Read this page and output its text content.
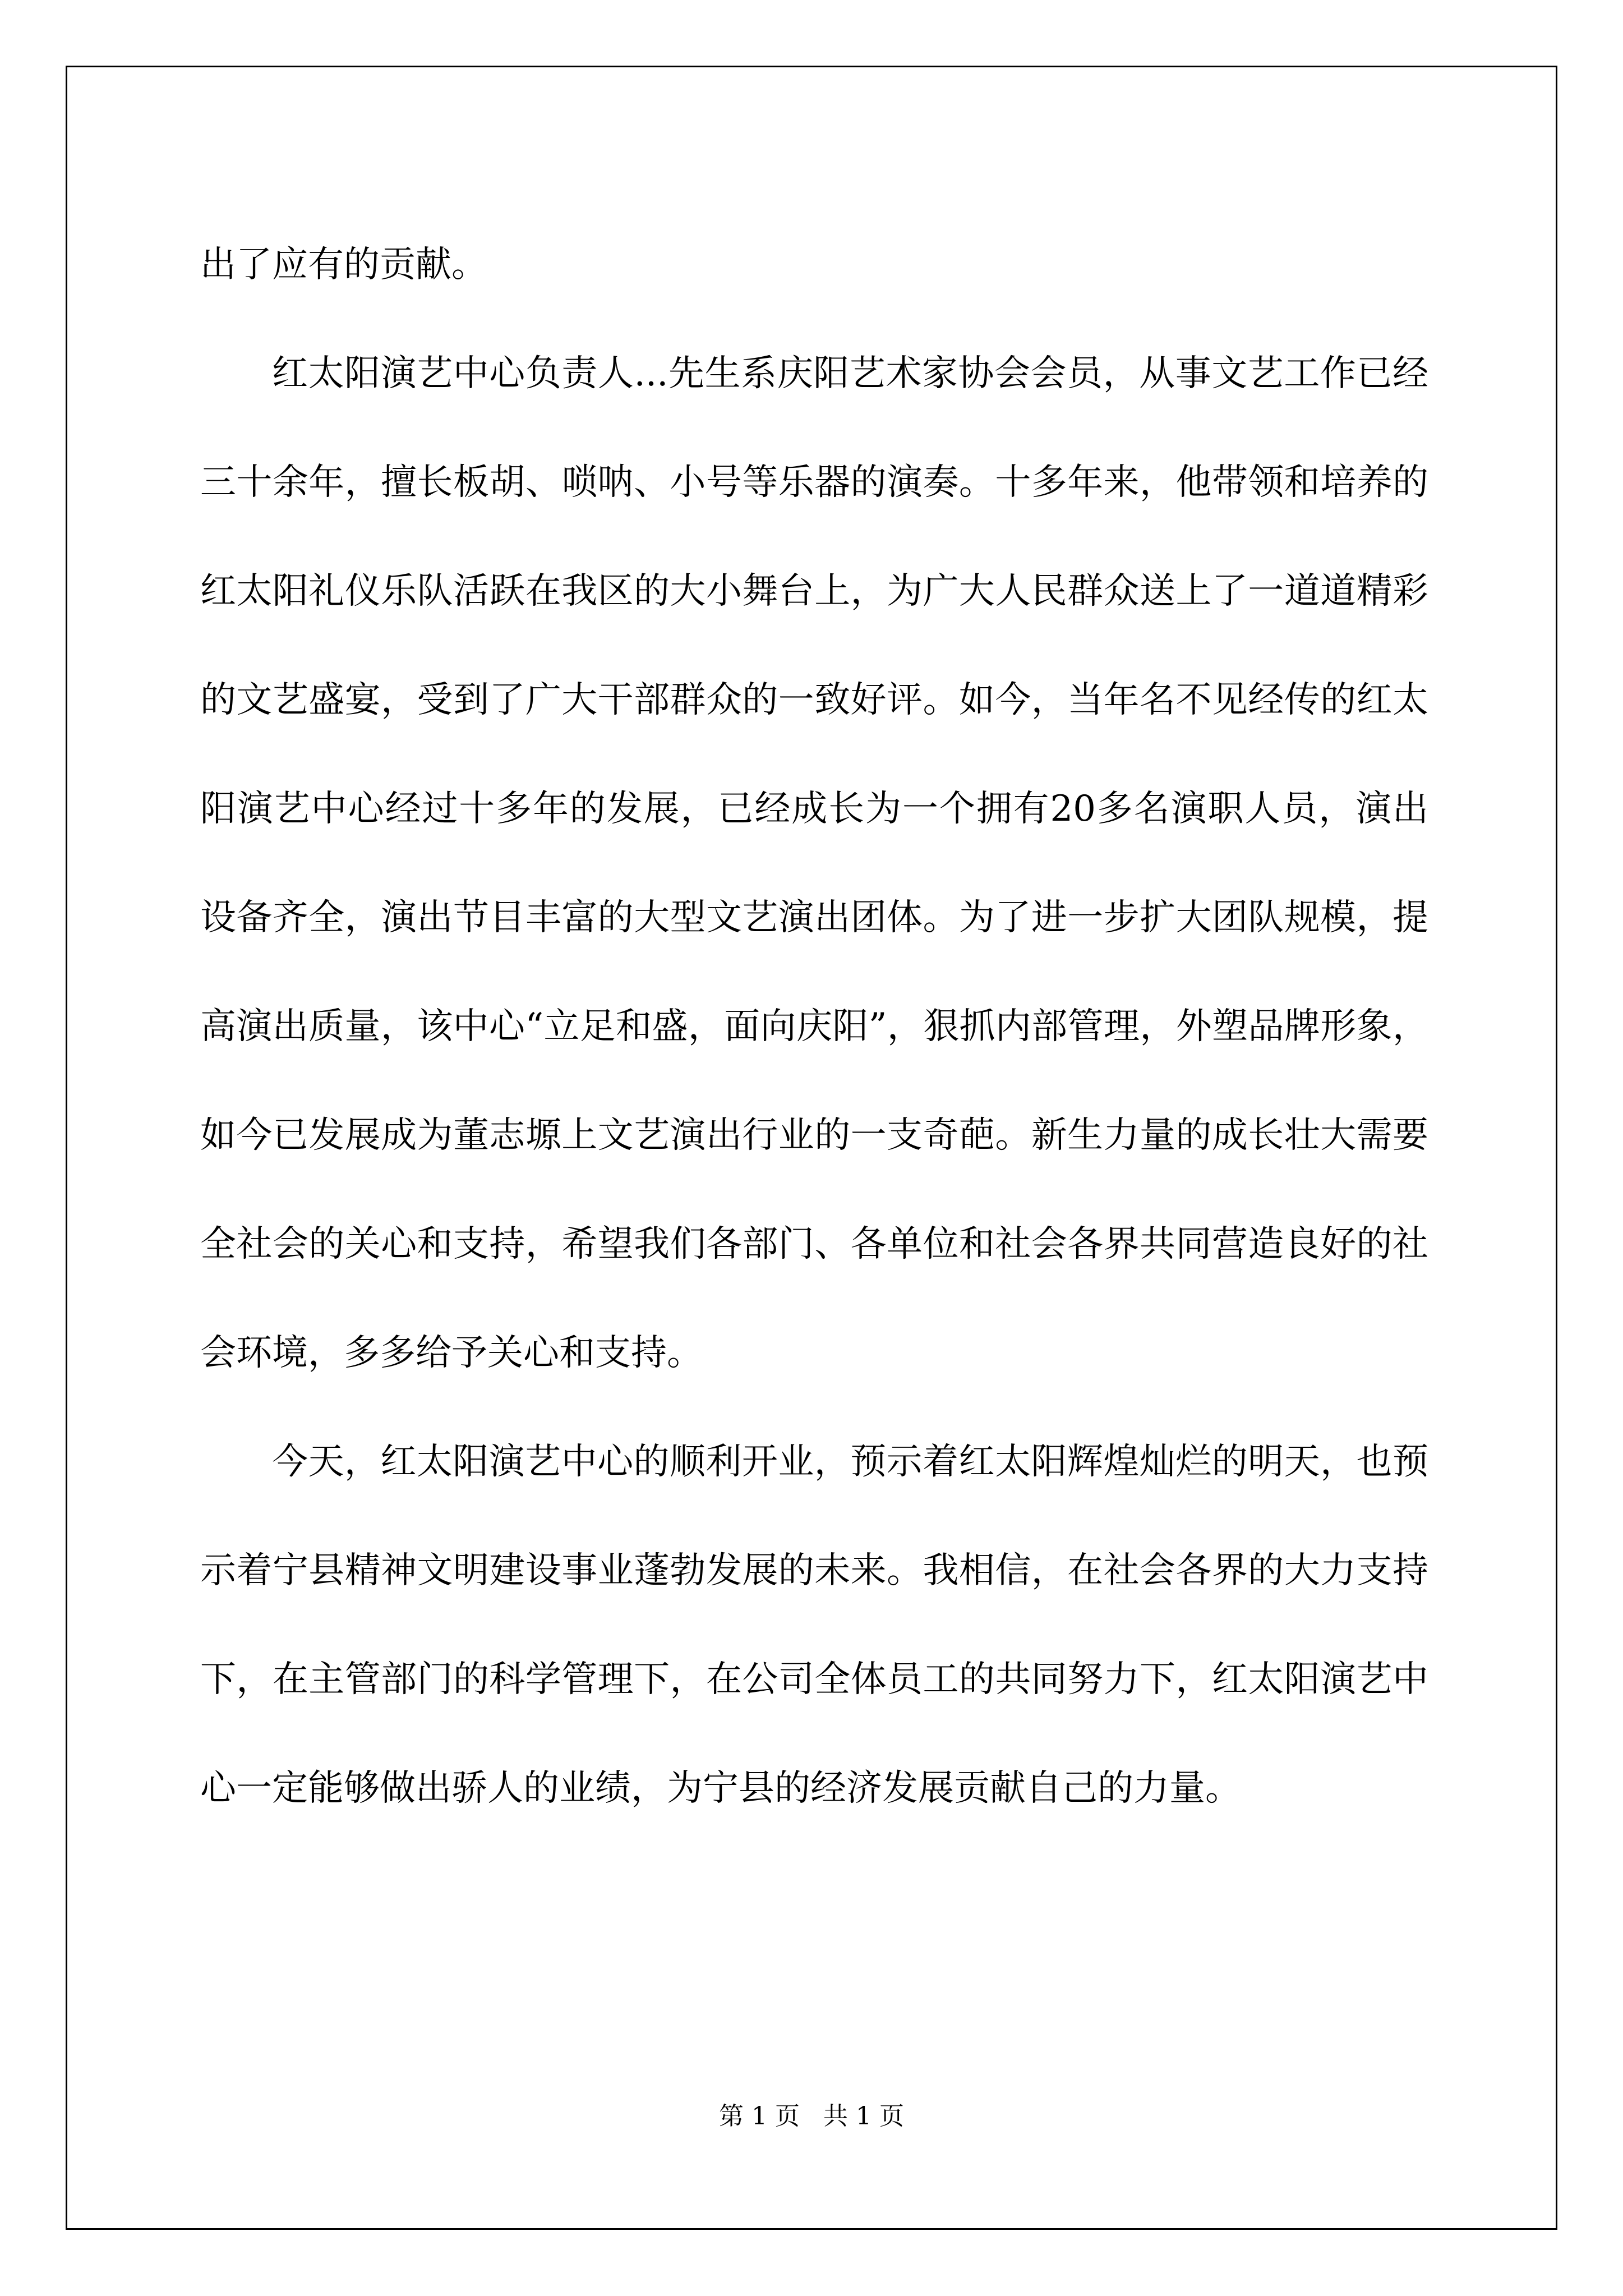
出了应有的贡献。

红太阳演艺中心负责人...先生系庆阳艺术家协会会员，从事文艺工作已经三十余年，擅长板胡、唢呐、小号等乐器的演奏。十多年来，他带领和培养的红太阳礼仪乐队活跃在我区的大小舞台上，为广大人民群众送上了一道道精彩的文艺盛宴，受到了广大干部群众的一致好评。如今，当年名不见经传的红太阳演艺中心经过十多年的发展，已经成长为一个拥有20多名演职人员，演出设备齐全，演出节目丰富的大型文艺演出团体。为了进一步扩大团队规模，提高演出质量，该中心“立足和盛，面向庆阳”，狠抓内部管理，外塑品牌形象，如今已发展成为董志塬上文艺演出行业的一支奇葩。新生力量的成长壮大需要全社会的关心和支持，希望我们各部门、各单位和社会各界共同营造良好的社会环境，多多给予关心和支持。

今天，红太阳演艺中心的顺利开业，预示着红太阳辉煌灿烂的明天，也预示着宁县精神文明建设事业蓬勃发展的未来。我相信，在社会各界的大力支持下，在主管部门的科学管理下，在公司全体员工的共同努力下，红太阳演艺中心一定能够做出骄人的业绩，为宁县的经济发展贡献自己的力量。

第 1 页   共 1 页
